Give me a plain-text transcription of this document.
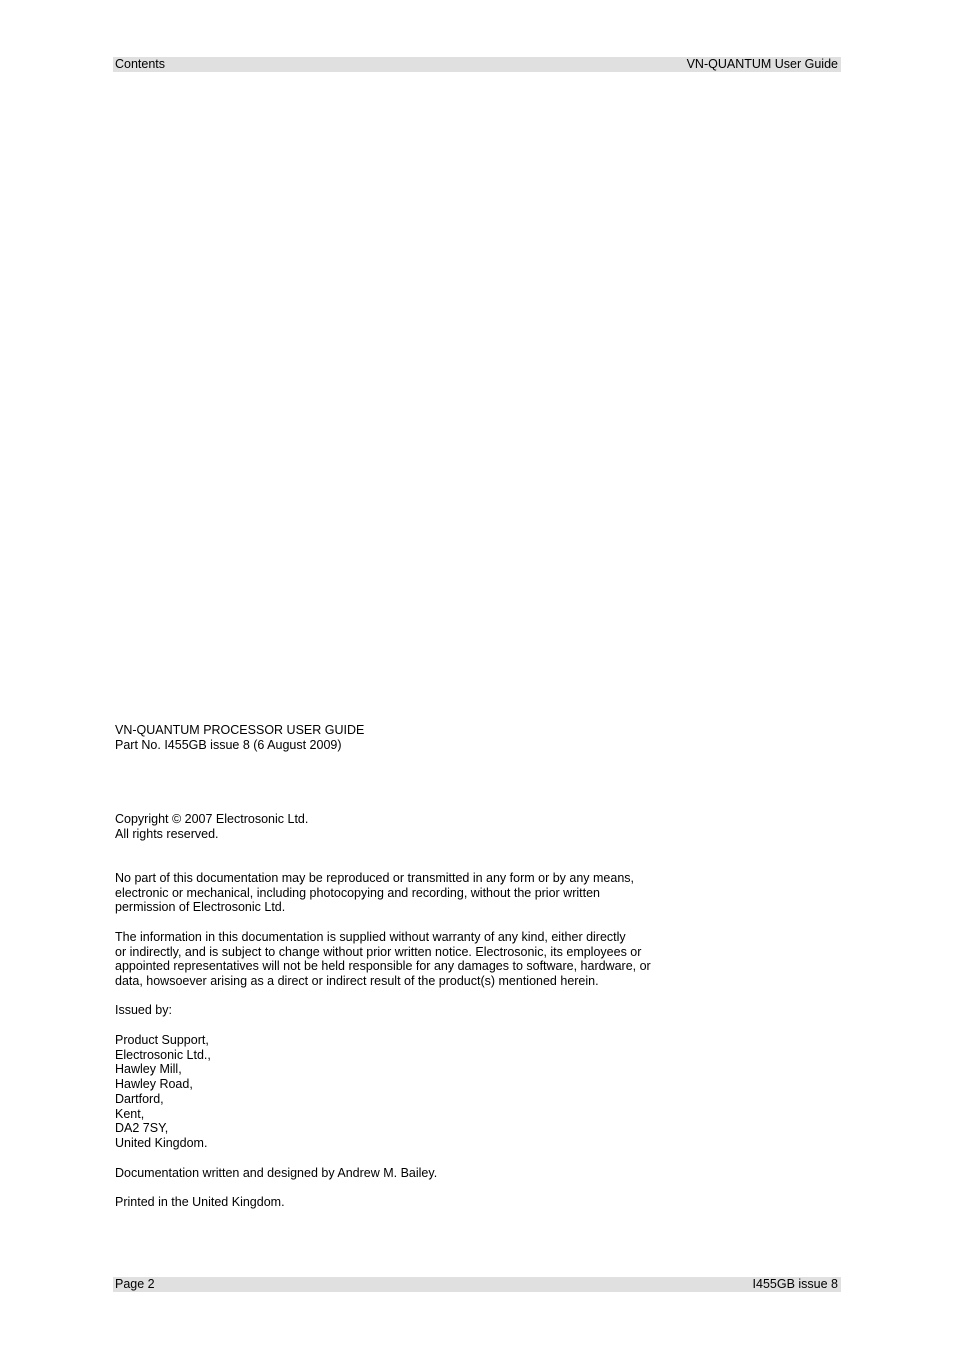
Contents	VN-QUANTUM User Guide
VN-QUANTUM PROCESSOR USER GUIDE
Part No. I455GB issue 8 (6 August 2009)
Copyright © 2007 Electrosonic Ltd.
All rights reserved.
No part of this documentation may be reproduced or transmitted in any form or by any means,
electronic or mechanical, including photocopying and recording, without the prior written
permission of Electrosonic Ltd.
The information in this documentation is supplied without warranty of any kind, either directly
or indirectly, and is subject to change without prior written notice. Electrosonic, its employees or
appointed representatives will not be held responsible for any damages to software, hardware, or
data, howsoever arising as a direct or indirect result of the product(s) mentioned herein.
Issued by:
Product Support,
Electrosonic Ltd.,
Hawley Mill,
Hawley Road,
Dartford,
Kent,
DA2 7SY,
United Kingdom.
Documentation written and designed by Andrew M. Bailey.
Printed in the United Kingdom.
Page 2	I455GB issue 8
